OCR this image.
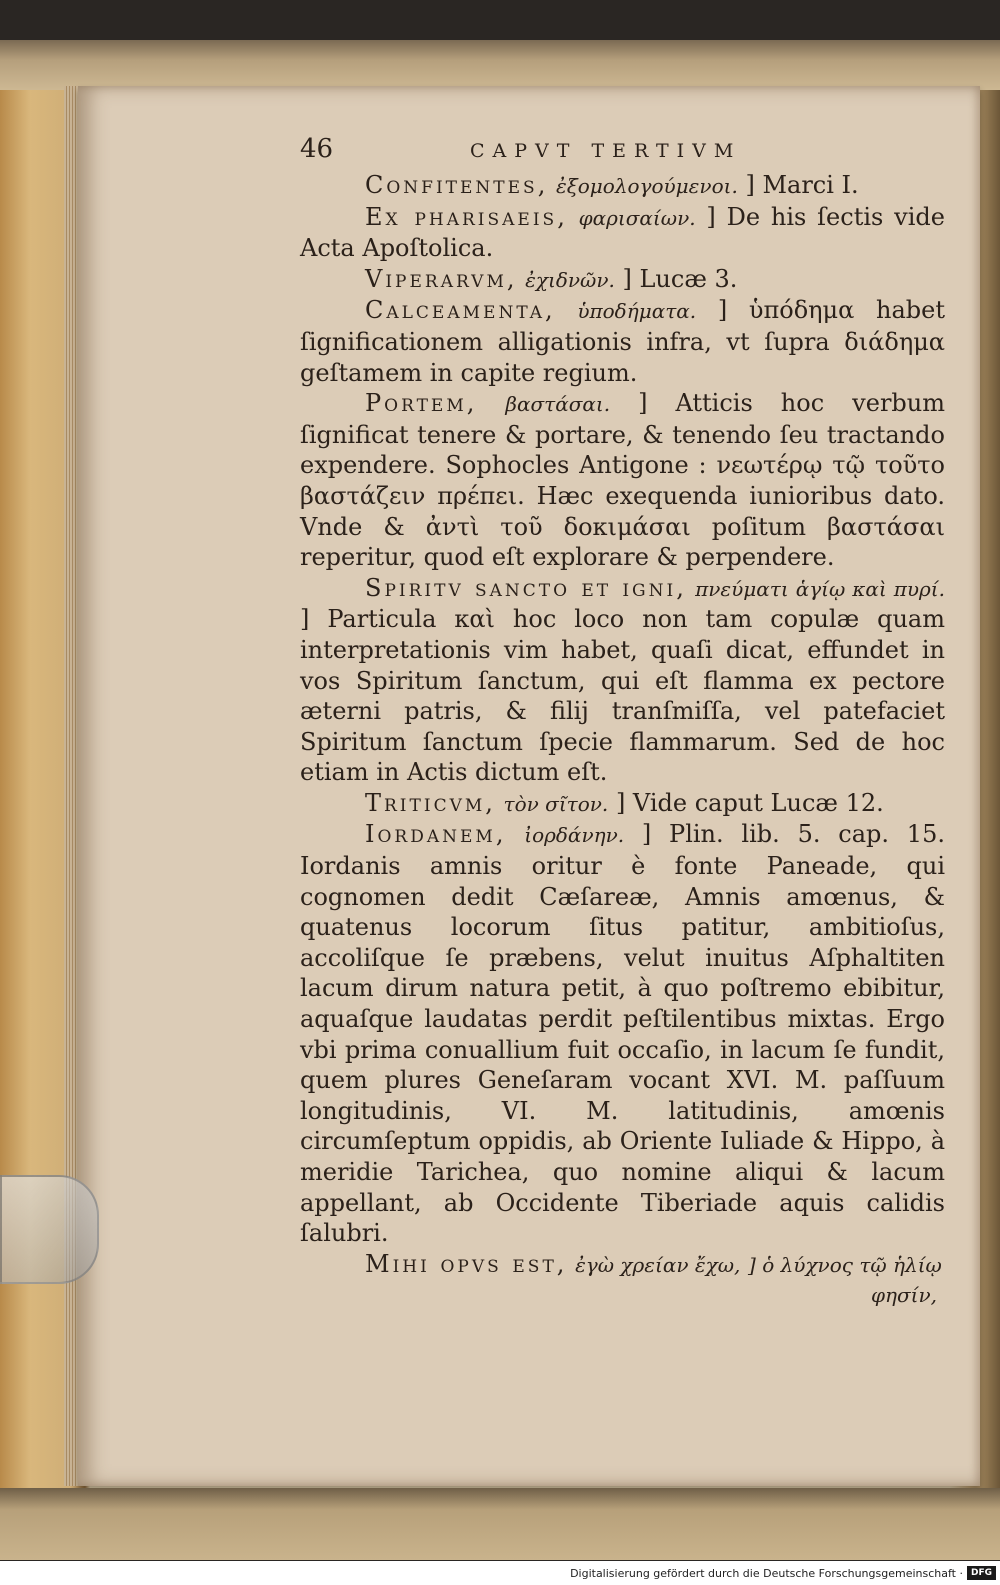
46	CAPVT TERTIVM

Confitentes, ἐξομολογούμενοι. ] Marci I.

Ex pharisaeis, φαρισαίων. ] De his ſectis vide Acta Apoſtolica.

Viperarvm, ἐχιδνῶν. ] Lucæ 3.

Calceamenta, ὑποδήματα. ] ὑπόδημα habet ſignificationem alligationis infra, vt ſupra διάδημα geſtamem in capite regium.

Portem, βαστάσαι. ] Atticis hoc verbum ſignificat tenere & portare, & tenendo ſeu tractando expendere. Sophocles Antigone : νεωτέρῳ τῷ τοῦτο βαστάζειν πρέπει. Hæc exequenda iunioribus dato. Vnde & ἀντὶ τοῦ δοκιμάσαι poſitum βαστάσαι reperitur, quod eſt explorare & perpendere.

Spiritv sancto et igni, πνεύματι ἁγίῳ καὶ πυρί. ] Particula καὶ hoc loco non tam copulæ quam interpretationis vim habet, quaſi dicat, effundet in vos Spiritum ſanctum, qui eſt flamma ex pectore æterni patris, & filij tranſmiſſa, vel patefaciet Spiritum ſanctum ſpecie flammarum. Sed de hoc etiam in Actis dictum eſt.

Triticvm, τὸν σῖτον. ] Vide caput Lucæ 12.

Iordanem, ἰορδάνην. ] Plin. lib. 5. cap. 15. Iordanis amnis oritur è fonte Paneade, qui cognomen dedit Cæſareæ, Amnis amœnus, & quatenus locorum ſitus patitur, ambitioſus, accoliſque ſe præbens, velut inuitus Aſphaltiten lacum dirum natura petit, à quo poſtremo ebibitur, aquaſque laudatas perdit peſtilentibus mixtas. Ergo vbi prima conuallium fuit occaſio, in lacum ſe fundit, quem plures Geneſaram vocant XVI. M. paſſuum longitudinis, VI. M. latitudinis, amœnis circumſeptum oppidis, ab Oriente Iuliade & Hippo, à meridie Tarichea, quo nomine aliqui & lacum appellant, ab Occidente Tiberiade aquis calidis ſalubri.

Mihi opvs est, ἐγὼ χρείαν ἔχω, ] ὁ λύχνος τῷ ἡλίῳ

φησίν,

Digitalisierung gefördert durch die Deutsche Forschungsgemeinschaft · DFG
